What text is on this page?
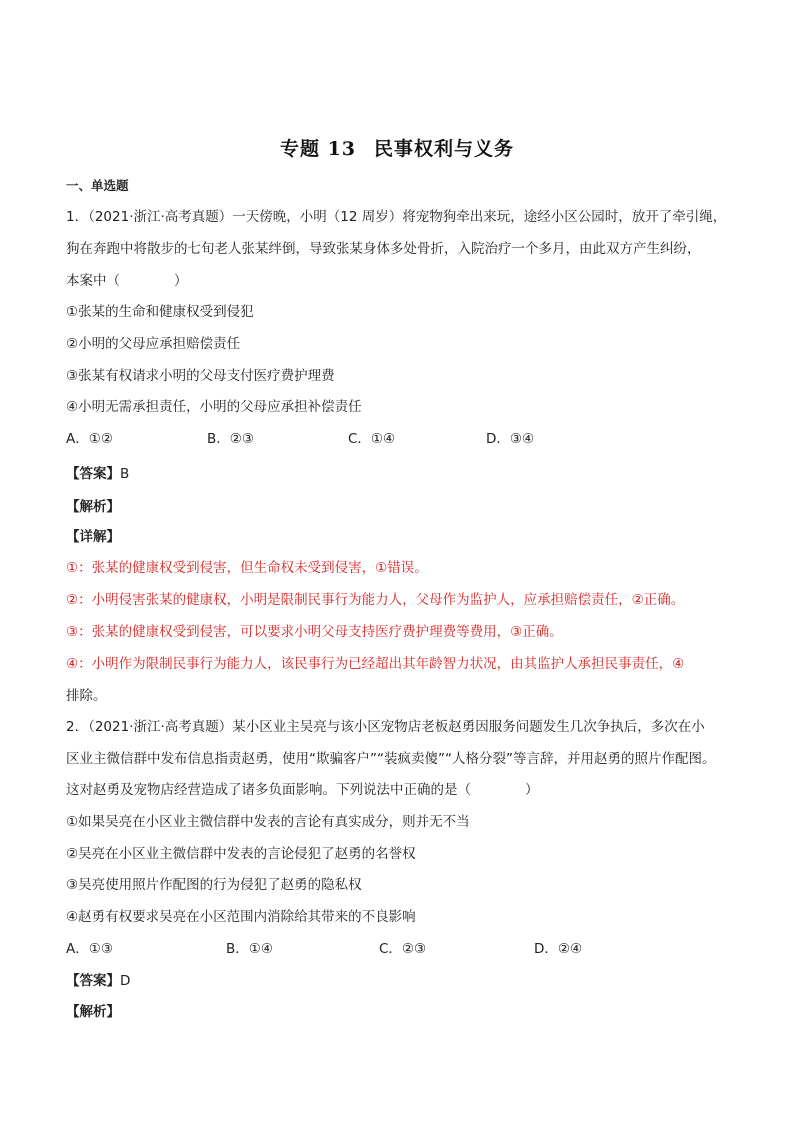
专题 13 民事权利与义务
一、单选题
1．（2021·浙江·高考真题）一天傍晚，小明（12 周岁）将宠物狗牵出来玩，途经小区公园时，放开了牵引绳，
狗在奔跑中将散步的七旬老人张某绊倒，导致张某身体多处骨折，入院治疗一个多月，由此双方产生纠纷，
本案中（　　　　）
①张某的生命和健康权受到侵犯
②小明的父母应承担赔偿责任
③张某有权请求小明的父母支付医疗费护理费
④小明无需承担责任，小明的父母应承担补偿责任
A．①②	B．②③	C．①④	D．③④
【答案】B
【解析】
【详解】
①：张某的健康权受到侵害，但生命权未受到侵害，①错误。
②：小明侵害张某的健康权，小明是限制民事行为能力人，父母作为监护人，应承担赔偿责任，②正确。
③：张某的健康权受到侵害，可以要求小明父母支持医疗费护理费等费用，③正确。
④：小明作为限制民事行为能力人，该民事行为已经超出其年龄智力状况，由其监护人承担民事责任，④
排除。
2．（2021·浙江·高考真题）某小区业主吴亮与该小区宠物店老板赵勇因服务问题发生几次争执后，多次在小
区业主微信群中发布信息指责赵勇，使用“欺骗客户”“装疯卖傻”“人格分裂”等言辞，并用赵勇的照片作配图。
这对赵勇及宠物店经营造成了诸多负面影响。下列说法中正确的是（　　　　）
①如果吴亮在小区业主微信群中发表的言论有真实成分，则并无不当
②吴亮在小区业主微信群中发表的言论侵犯了赵勇的名誉权
③吴亮使用照片作配图的行为侵犯了赵勇的隐私权
④赵勇有权要求吴亮在小区范围内消除给其带来的不良影响
A．①③	B．①④	C．②③	D．②④
【答案】D
【解析】
